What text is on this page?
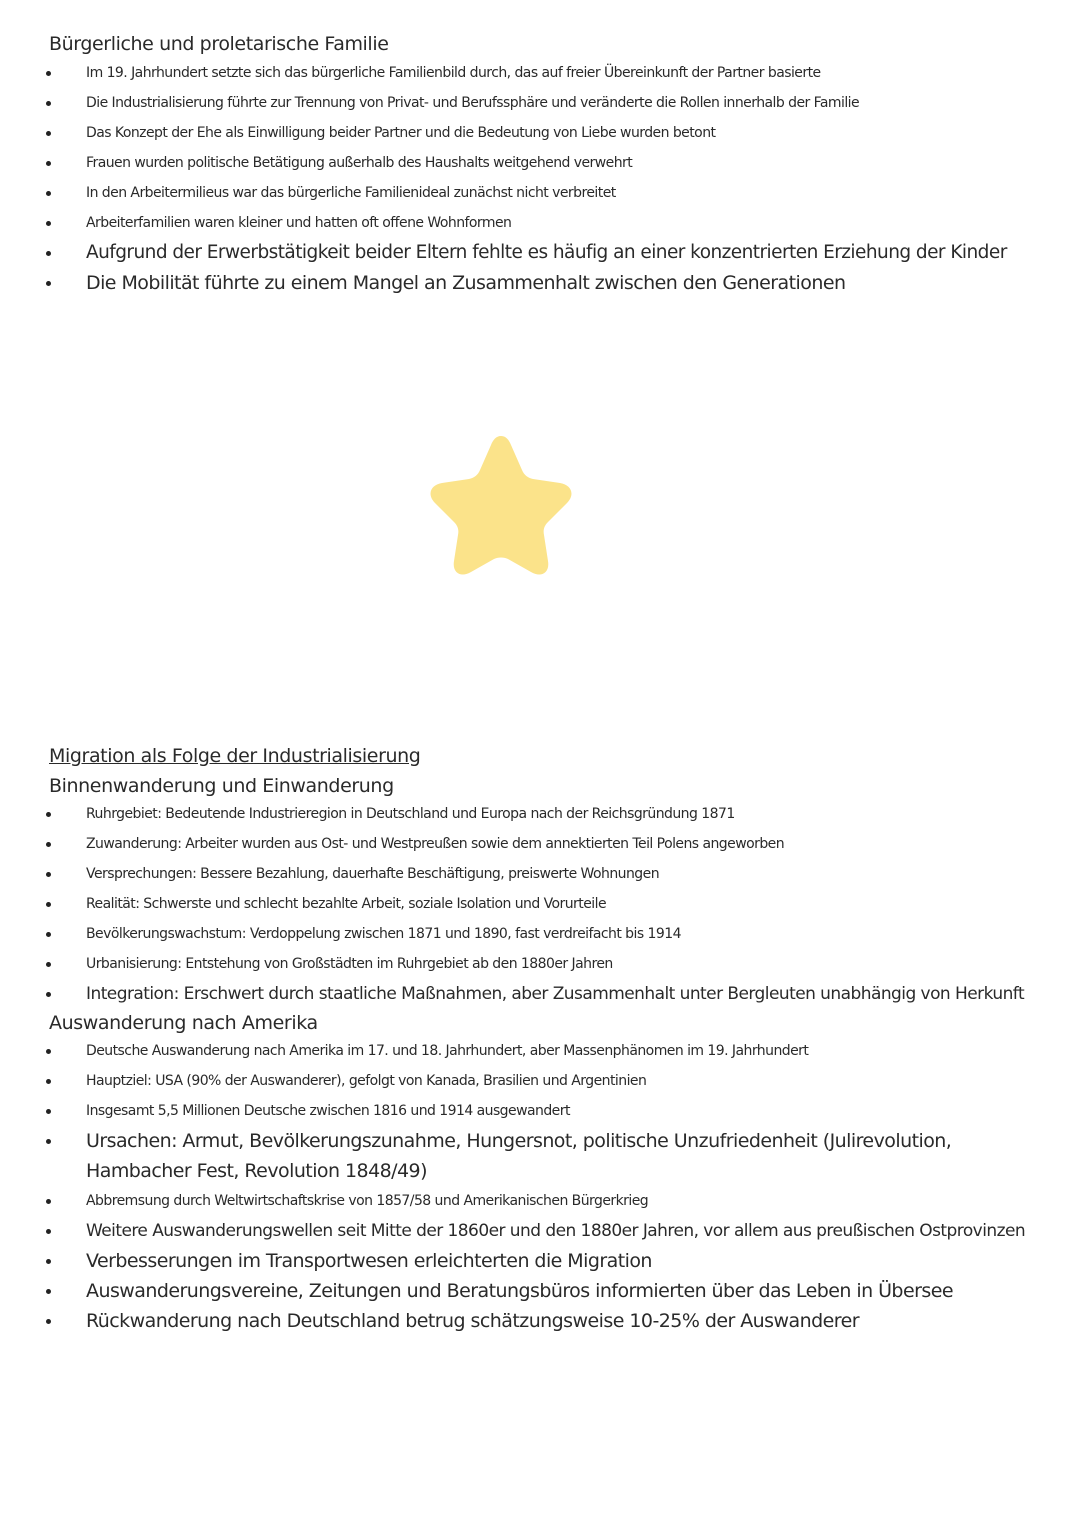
Bürgerliche und proletarische Familie
Im 19. Jahrhundert setzte sich das bürgerliche Familienbild durch, das auf freier Übereinkunft der Partner basierte
Die Industrialisierung führte zur Trennung von Privat- und Berufssphäre und veränderte die Rollen innerhalb der Familie
Das Konzept der Ehe als Einwilligung beider Partner und die Bedeutung von Liebe wurden betont
Frauen wurden politische Betätigung außerhalb des Haushalts weitgehend verwehrt
In den Arbeitermilieus war das bürgerliche Familienideal zunächst nicht verbreitet
Arbeiterfamilien waren kleiner und hatten oft offene Wohnformen
Aufgrund der Erwerbstätigkeit beider Eltern fehlte es häufig an einer konzentrierten Erziehung der Kinder
Die Mobilität führte zu einem Mangel an Zusammenhalt zwischen den Generationen
Migration als Folge der Industrialisierung
Binnenwanderung und Einwanderung
Ruhrgebiet: Bedeutende Industrieregion in Deutschland und Europa nach der Reichsgründung 1871
Zuwanderung: Arbeiter wurden aus Ost- und Westpreußen sowie dem annektierten Teil Polens angeworben
Versprechungen: Bessere Bezahlung, dauerhafte Beschäftigung, preiswerte Wohnungen
Realität: Schwerste und schlecht bezahlte Arbeit, soziale Isolation und Vorurteile
Bevölkerungswachstum: Verdoppelung zwischen 1871 und 1890, fast verdreifacht bis 1914
Urbanisierung: Entstehung von Großstädten im Ruhrgebiet ab den 1880er Jahren
Integration: Erschwert durch staatliche Maßnahmen, aber Zusammenhalt unter Bergleuten unabhängig von Herkunft
Auswanderung nach Amerika
Deutsche Auswanderung nach Amerika im 17. und 18. Jahrhundert, aber Massenphänomen im 19. Jahrhundert
Hauptziel: USA (90% der Auswanderer), gefolgt von Kanada, Brasilien und Argentinien
Insgesamt 5,5 Millionen Deutsche zwischen 1816 und 1914 ausgewandert
Ursachen: Armut, Bevölkerungszunahme, Hungersnot, politische Unzufriedenheit (Julirevolution, Hambacher Fest, Revolution 1848/49)
Abbremsung durch Weltwirtschaftskrise von 1857/58 und Amerikanischen Bürgerkrieg
Weitere Auswanderungswellen seit Mitte der 1860er und den 1880er Jahren, vor allem aus preußischen Ostprovinzen
Verbesserungen im Transportwesen erleichterten die Migration
Auswanderungsvereine, Zeitungen und Beratungsbüros informierten über das Leben in Übersee
Rückwanderung nach Deutschland betrug schätzungsweise 10-25% der Auswanderer
